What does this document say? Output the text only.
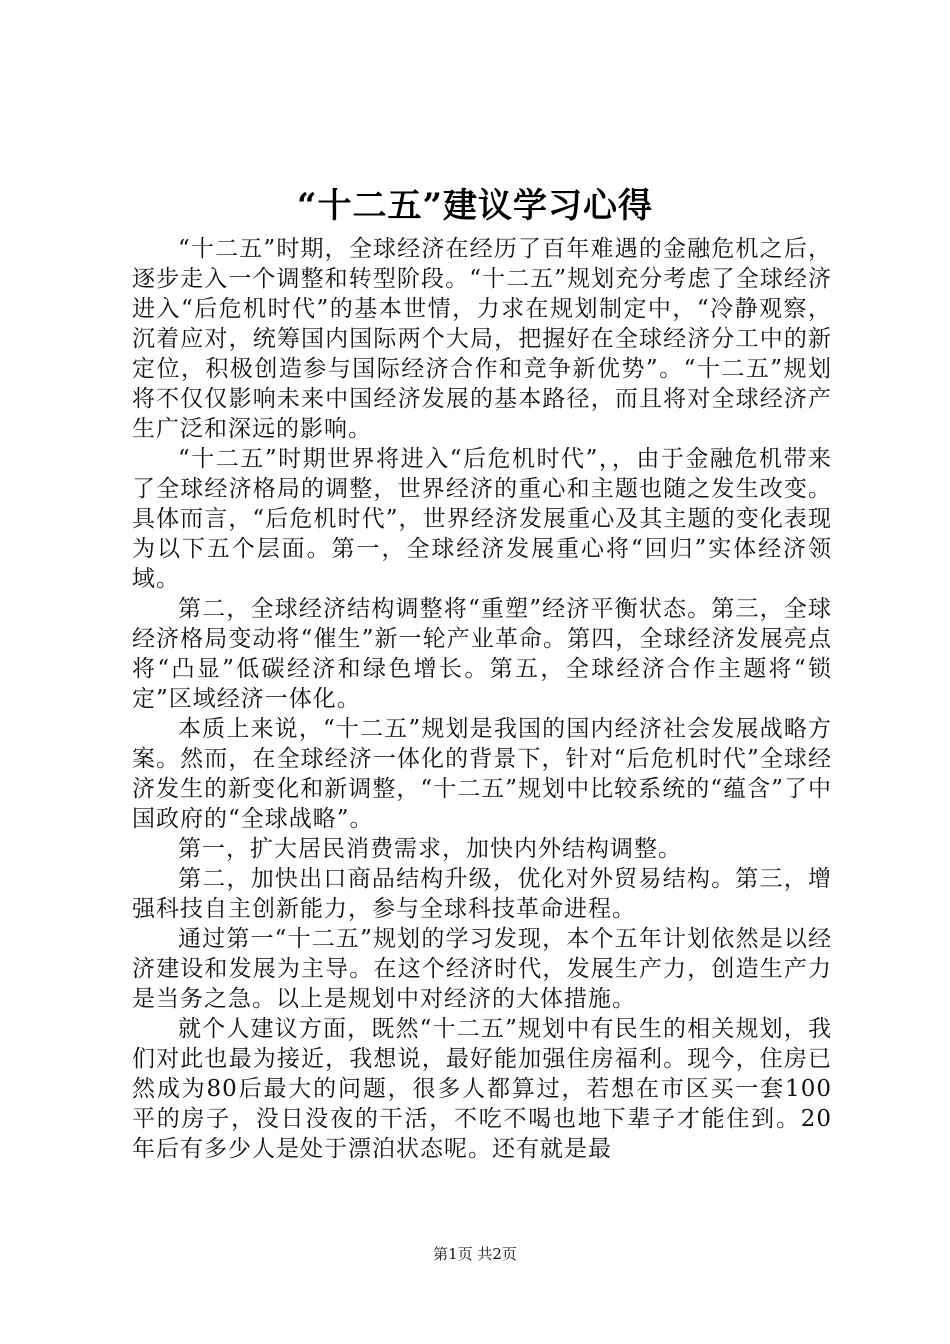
“十二五”建议学习心得

“十二五”时期，全球经济在经历了百年难遇的金融危机之后，逐步走入一个调整和转型阶段。“十二五”规划充分考虑了全球经济进入“后危机时代”的基本世情，力求在规划制定中，“冷静观察，沉着应对，统筹国内国际两个大局，把握好在全球经济分工中的新定位，积极创造参与国际经济合作和竞争新优势”。“十二五”规划将不仅仅影响未来中国经济发展的基本路径，而且将对全球经济产生广泛和深远的影响。

“十二五”时期世界将进入“后危机时代”，，由于金融危机带来了全球经济格局的调整，世界经济的重心和主题也随之发生改变。具体而言，“后危机时代”，世界经济发展重心及其主题的变化表现为以下五个层面。第一，全球经济发展重心将“回归”实体经济领域。

第二，全球经济结构调整将“重塑”经济平衡状态。第三，全球经济格局变动将“催生”新一轮产业革命。第四，全球经济发展亮点将“凸显”低碳经济和绿色增长。第五，全球经济合作主题将“锁定”区域经济一体化。

本质上来说，“十二五”规划是我国的国内经济社会发展战略方案。然而，在全球经济一体化的背景下，针对“后危机时代”全球经济发生的新变化和新调整，“十二五”规划中比较系统的“蕴含”了中国政府的“全球战略”。

第一，扩大居民消费需求，加快内外结构调整。

第二，加快出口商品结构升级，优化对外贸易结构。第三，增强科技自主创新能力，参与全球科技革命进程。

通过第一“十二五”规划的学习发现，本个五年计划依然是以经济建设和发展为主导。在这个经济时代，发展生产力，创造生产力是当务之急。以上是规划中对经济的大体措施。

就个人建议方面，既然“十二五”规划中有民生的相关规划，我们对此也最为接近，我想说，最好能加强住房福利。现今，住房已然成为80后最大的问题，很多人都算过，若想在市区买一套100平的房子，没日没夜的干活，不吃不喝也地下辈子才能住到。20年后有多少人是处于漂泊状态呢。还有就是最

第1页 共2页
